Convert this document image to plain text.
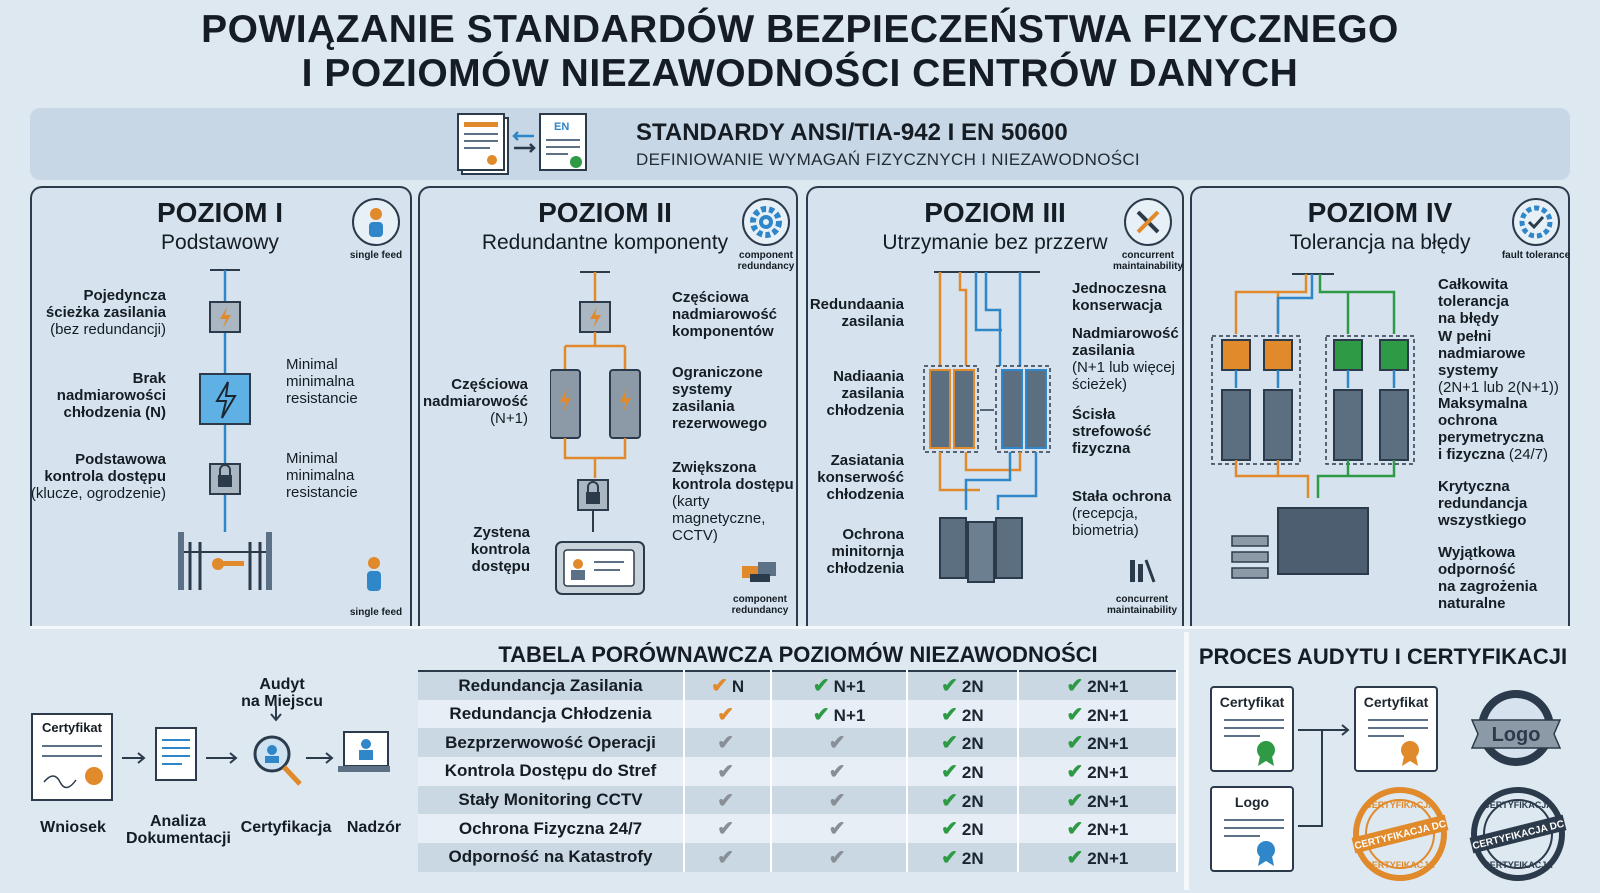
POWIĄZANIE STANDARDÓW BEZPIECZEŃSTWA FIZYCZNEGO
I POZIOMÓW NIEZAWODNOŚCI CENTRÓW DANYCH
EN	STANDARDY ANSI/TIA-942 I EN 50600
DEFINIOWANIE WYMAGAŃ FIZYCZNYCH I NIEZAWODNOŚCI
POZIOM I
Podstawowy
single feed
Pojedyncza
ścieżka zasilania
(bez redundancji)
Brak
nadmiarowości
chłodzenia (N)
Podstawowa
kontrola dostępu
(klucze, ogrodzenie)
Minimal
minimalna
resistancie
Minimal
minimalna
resistancie
single feed
POZIOM II
Redundantne komponenty
component
redundancy
Częściowa
nadmiarowość
komponentów
Ograniczone
systemy
zasilania
rezerwowego
Zwiększona
kontrola dostępu
(karty magnetyczne,
CCTV)
Częściowa
nadmiarowość
(N+1)
Zystena
kontrola
dostępu
component
redundancy
POZIOM III
Utrzymanie bez przzerw
concurrent
maintainability
Redundaania
zasilania
Nadiaania
zasilania
chłodzenia
Zasiatania
konserwość
chłodzenia
Ochrona
minitornja
chłodzenia
Jednoczesna
konserwacja
Nadmiarowość
zasilania
(N+1 lub więcej
ścieżek)
Ścisła
strefowość
fizyczna
Stała ochrona
(recepcja,
biometria)
concurrent
maintainability
POZIOM IV
Tolerancja na błędy
fault tolerance
Całkowita tolerancja
na błędy
W pełni nadmiarowe
systemy
(2N+1 lub 2(N+1))
Maksymalna
ochrona
perymetryczna
i fizyczna (24/7)
Krytyczna
redundancja
wszystkiego
Wyjątkowa
odporność
na zagrożenia
naturalne
Audyt
na Miejscu
Certyfikat
Wniosek	Analiza
Dokumentacji
Certyfikacja Nadzór
TABELA PORÓWNAWCZA POZIOMÓW NIEZAWODNOŚCI
Redundancja Zasilania	✔ N	✔ N+1	✔ 2N	✔ 2N+1
Redundancja Chłodzenia	✔	✔ N+1	✔ 2N	✔ 2N+1
Bezprzerwowość Operacji	✔	✔	✔ 2N	✔ 2N+1
Kontrola Dostępu do Stref	✔	✔	✔ 2N	✔ 2N+1
Stały Monitoring CCTV	✔	✔	✔ 2N	✔ 2N+1
Ochrona Fizyczna 24/7	✔	✔	✔ 2N	✔ 2N+1
Odporność na Katastrofy	✔	✔	✔ 2N	✔ 2N+1
PROCES AUDYTU I CERTYFIKACJI
Certyfikat
Logo
Certyfikat
Logo
CERTYFIKACJA
CERTYFIKACJA DC
CERTYFIKACJA
CERTYFIKACJA
CERTYFIKACJA DC
CERTYFIKACJA
